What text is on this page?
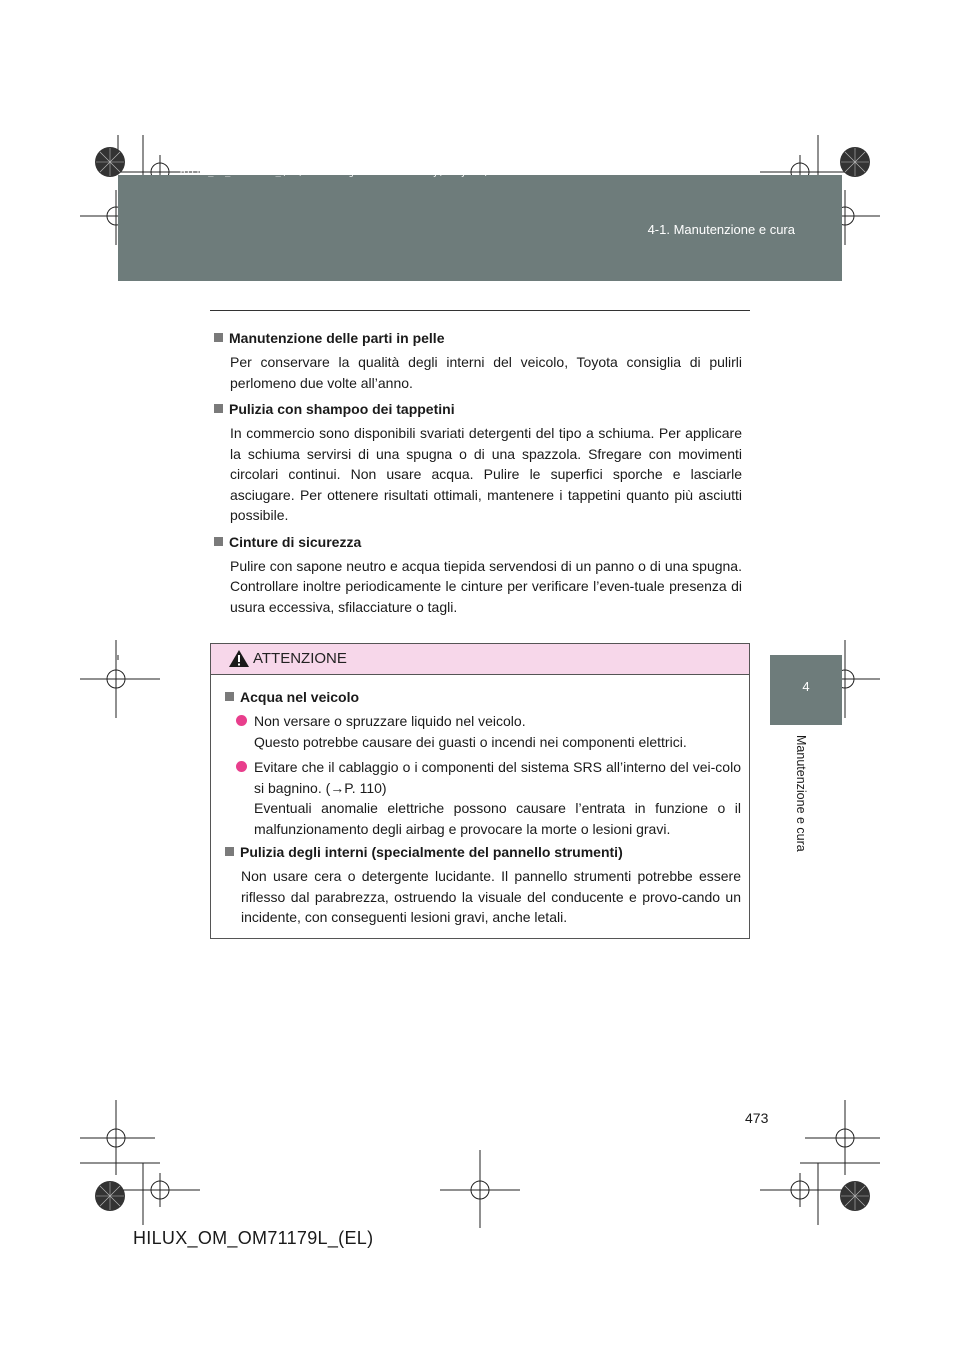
HILUX_OM_OM71179L_(EL).book Page 473 Wednesday, May 16, 2012 11:37 AM
4-1. Manutenzione e cura
4
Manutenzione e cura
Manutenzione delle parti in pelle

Per conservare la qualità degli interni del veicolo, Toyota consiglia di pulirli perlomeno due volte all’anno.

Pulizia con shampoo dei tappetini

In commercio sono disponibili svariati detergenti del tipo a schiuma. Per applicare la schiuma servirsi di una spugna o di una spazzola. Sfregare con movimenti circolari continui. Non usare acqua. Pulire le superfici sporche e lasciarle asciugare. Per ottenere risultati ottimali, mantenere i tappetini quanto più asciutti possibile.

Cinture di sicurezza

Pulire con sapone neutro e acqua tiepida servendosi di un panno o di una spugna. Controllare inoltre periodicamente le cinture per verificare l’even-tuale presenza di usura eccessiva, sfilacciature o tagli.

ATTENZIONE
Acqua nel veicolo
Non versare o spruzzare liquido nel veicolo.
Questo potrebbe causare dei guasti o incendi nei componenti elettrici.
Evitare che il cablaggio o i componenti del sistema SRS all’interno del vei-colo si bagnino. (→P. 110)
Eventuali anomalie elettriche possono causare l’entrata in funzione o il malfunzionamento degli airbag e provocare la morte o lesioni gravi.
Pulizia degli interni (specialmente del pannello strumenti)

Non usare cera o detergente lucidante. Il pannello strumenti potrebbe essere riflesso dal parabrezza, ostruendo la visuale del conducente e provo-cando un incidente, con conseguenti lesioni gravi, anche letali.

473
HILUX_OM_OM71179L_(EL)
